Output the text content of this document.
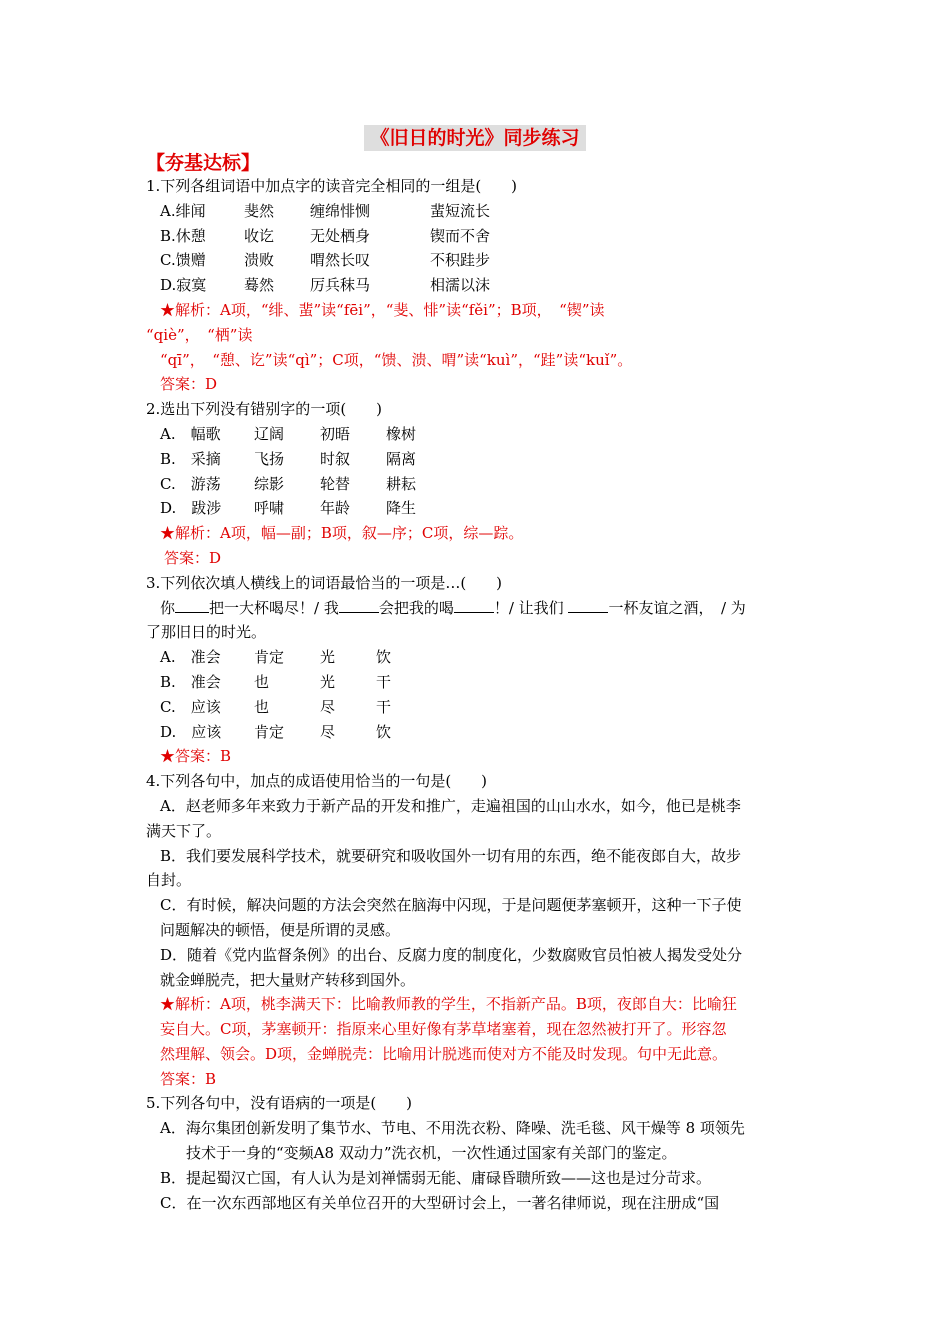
《旧日的时光》同步练习
【夯基达标】
1.下列各组词语中加点字的读音完全相同的一组是(　　)
A.绯闻	斐然 缠绵悱恻	蜚短流长
B.休憩	收讫 无处栖身	锲而不舍
C.馈赠	溃败 喟然长叹	不积跬步
D.寂寞	蓦然 厉兵秣马	相濡以沫
★解析：A项，“绯、蜚”读“fēi”，“斐、悱”读“fěi”；B项，　“锲”读
“qiè”，　“栖”读
“qī”，　“憩、讫”读“qì”；C项，“馈、溃、喟”读“kuì”，“跬”读“kuǐ”。
答案：D
2.选出下列没有错别字的一项(　　)
A.　幅歌 辽阔 初晤 橡树
B.　采摘 飞扬 时叙 隔离
C.　游荡 综影 轮替 耕耘
D.　跋涉 呼啸 年龄 降生
★解析：A项，幅—副；B项，叙—序；C项，综—踪。
答案：D
3.下列依次填人横线上的词语最恰当的一项是…(　　)
你 把一大杯喝尽！/ 我	会把我的喝	！/ 让我们	一杯友谊之酒，　/ 为
了那旧日的时光。
A.　准会 肯定 光	饮
B.　准会 也	光	干
C.　应该 也	尽	干
D.　应该 肯定 尽	饮
★答案：B
4.下列各句中，加点的成语使用恰当的一句是(　　)
A．赵老师多年来致力于新产品的开发和推广，走遍祖国的山山水水，如今，他已是桃李
满天下了。
B．我们要发展科学技术，就要研究和吸收国外一切有用的东西，绝不能夜郎自大，故步
自封。
C．有时候，解决问题的方法会突然在脑海中闪现，于是问题便茅塞顿开，这种一下子使
问题解决的顿悟，便是所谓的灵感。
D．随着《党内监督条例》的出台、反腐力度的制度化，少数腐败官员怕被人揭发受处分
就金蝉脱壳，把大量财产转移到国外。
★解析：A项，桃李满天下：比喻教师教的学生，不指新产品。B项，夜郎自大：比喻狂
妄自大。C项，茅塞顿开：指原来心里好像有茅草堵塞着，现在忽然被打开了。形容忽
然理解、领会。D项，金蝉脱壳：比喻用计脱逃而使对方不能及时发现。句中无此意。
答案：B
5.下列各句中，没有语病的一项是(　　)
A．海尔集团创新发明了集节水、节电、不用洗衣粉、降噪、洗毛毯、风干燥等 8 项领先
技术于一身的“变频A8 双动力”洗衣机，一次性通过国家有关部门的鉴定。
B．提起蜀汉亡国，有人认为是刘禅懦弱无能、庸碌昏聩所致——这也是过分苛求。
C．在一次东西部地区有关单位召开的大型研讨会上，一著名律师说，现在注册成“国
